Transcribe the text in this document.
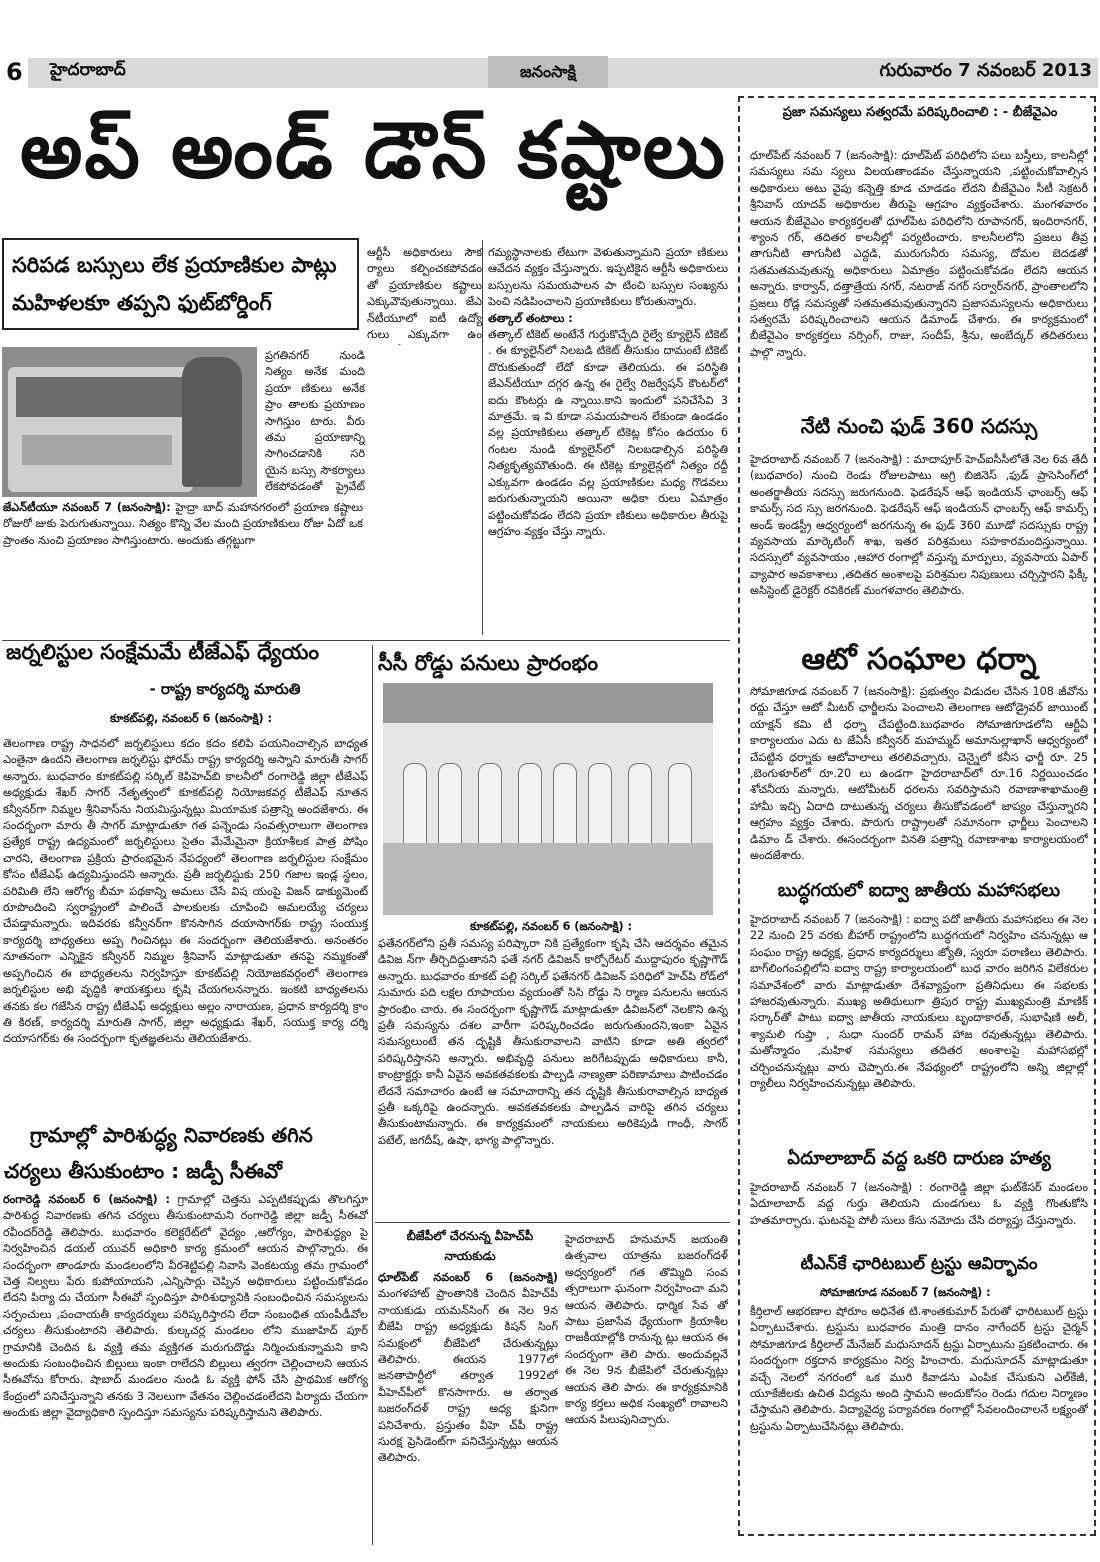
6 హైదరాబాద్	జనంసాక్షి	గురువారం 7 నవంబర్ 2013
అప్ అండ్ డౌన్ కష్టాలు
సరిపడ బస్సులు లేక ప్రయాణికుల పాట్లు
మహిళలకూ తప్పని ఫుట్‌బోర్డింగ్

ప్రగతినగర్ నుండి నిత్యం అనేక మంది ప్రయా ణికులు అనేక ప్రాం తాలకు ప్రయాణం సాగిస్తుం టారు. వీరు తమ ప్రయాణాన్ని సాగించడానికి సరి యైన బస్సు సౌకర్యాలు లేకపోవడంతో ప్రైవేట్

జేఎన్‌టీయూ నవంబర్ 7 (జనంసాక్షి): హైద్రా బాద్ మహానగరంలో ప్రయాణ కష్టాలు రోజురో జుకు పెరుగుతున్నాయి. నిత్యం కొన్ని వేల మంది ప్రయాణికులు రోజు ఏదో ఒక ప్రాంతం నుంచి ప్రయాణం సాగిస్తుంటారు. అందుకు తగ్గట్టుగా

ఆర్టీసీ అధికారులు సౌక ర్యాలు కల్పించకపోవడం తో ప్రయాణికుల కష్టాలు ఎక్కువౌవుతున్నాయి. జేఎ న్‌టీయూలో ఐటీ ఉద్యో గులు ఎక్కువగా ఉం

గమ్యస్థానాలకు లేటుగా వెళుతున్నామని ప్రయా ణికులు ఆవేదన వ్యక్తం చేస్తున్నారు. ఇప్పటికైన ఆర్టీసీ అధికారులు బస్సులను సమయపాలన పా టించి బస్సుల సంఖ్యను పెంచి నడిపించాలని ప్రయాణికులు కోరుతున్నారు.

తత్కాల్ తంటాలు :

తత్కాల్ టికెట్ అంటేనే గుర్తుకొచ్చేది రైల్వే క్యూలైన్ టికెట్ . ఈ క్యూలైన్‌లో నిలబడి టికెట్ తీసుకుం దామంటే టికెట్ దొరుకుతుందో లేదో కూడా తెలియదు. ఈ పరిస్థితి జేఎన్‌టీయూ దగ్గర ఉన్న ఈ రైల్వే రిజర్వేషన్ కౌంటర్‌లో ఐదు కౌంటర్లు ఉ న్నాయి.కాని ఇందులో పనిచేసేవి 3 మాత్రమే. ఇ వి కూడా సమయపాలన లేకుండా ఉండడం వల్ల ప్రయాణికులు తత్కాల్ టికెట్ల కోసం ఉదయం 6 గంటల నుండి క్యూలైన్‌లో నిలబడాల్సిన పరిస్థితి నిత్యకృత్యమౌతుంది. ఈ టికెట్ల క్యూలైన్లలో నిత్యం రద్దీ ఎక్కువగా ఉండడం వల్ల ప్రయాణికుల మధ్య గొడవలు జరుగుతున్నాయని అయినా అధికా రులు ఏమాత్రం పట్టించుకోవడం లేదని ప్రయా ణికులు అధికారుల తీరుపై ఆగ్రహం వ్యక్తం చేస్తు న్నారు.

జర్నలిస్టుల సంక్షేమమే టీజేఎఫ్ ధ్యేయం
- రాష్ట్ర కార్యదర్శి మారుతి
కూకట్‌పల్లి, నవంబర్ 6 (జనంసాక్షి) :

తెలంగాణ రాష్ట్ర సాధనలో జర్నలిస్టులు కదం కదం కలిపి పయనించాల్సిన బాధ్యత ఎంతైనా ఉందని తెలంగాణ జర్నలిస్టు ఫోరమ్ రాష్ట్ర కార్యదర్శి అస్నాని మారుతీ సాగర్ అన్నారు. బుధవారం కూకట్‌పల్లి సర్కిల్ కెపిహెచ్‌బి కాలనీలో రంగారెడ్డి జిల్లా టీజేఎఫ్ అధ్యక్షుడు శేఖర్ సాగర్ నేతృత్వంలో కూకట్‌పల్లి నియోజకవర్గ టీజేఎఫ్ నూతన కన్వీనర్‌గా నిమ్మల శ్రీనివాస్‌ను నియమిస్తున్నట్లు మియామక పత్రాన్ని అందజేశారు. ఈ సందర్బంగా మారు తీ సాగర్ మాట్లాడుతూ గత పన్నెండు సంవత్సరాలుగా తెలంగాణ ప్రత్యేక రాష్ట్ర ఉద్యమంలో జర్నలిస్టులు సైతం మేమేమైనా క్రియాశీలక పాత్ర పోషిం చారని, తెలంగాణ ప్రక్రియ ప్రారంభమైన నేపధ్యంలో తెలంగాణ జర్నలిస్టుల సంక్షేమం కోసం టీజేఎఫ్ ఉద్యమిస్తుందని అన్నారు. ప్రతీ జర్నలిస్టుకు 250 గజాల ఇండ్ల స్థలం, పరిమితి లేని ఆరోగ్య బీమా పథకాన్ని అమలు చేసే విష యంపై విజన్ డాక్యుమెంట్ రూపొందించి స్వరాష్ట్రంలో పాలించే పాలకులకు చూపించి అమలయ్యే చర్యలు చేపడ్తామన్నారు. ఇదివరకు కన్వీనర్‌గా కొనసాగిన దయాసాగర్‌కు రాష్ట్ర సంయుక్త కార్యదర్శి బాధ్యతలు అప్ప గించినట్లు ఈ సందర్బంగా తెలియజేశారు. అనంతరం నూతనంగా ఎన్నికైన కన్వీనర్ నిమ్మల శ్రీనివాస్ మాట్లాడుతూ తనపై నమ్మకంతో అప్పగించిన ఈ బాధ్యతలను నిర్వహిస్తూ కూకట్‌పల్లి నియోజకవర్గంలో తెలంగాణ జర్నలిస్టుల అభి వృద్ధికి శాయశక్తులు కృషి చేయగలనన్నారు. ఇంకటి బాధ్యతలను తనకు కల గజేసిన రాష్ట్ర టీజేఎఫ్ అధ్యక్షులు అల్లం నారాయణ, ప్రధాన కార్యదర్శి క్రాం తి కిరణ్, కార్యదర్శి మారుతి సాగర్, జిల్లా అధ్యక్షుడు శేఖర్, సయుక్త కార్య దర్శి దయాసగర్‌కు ఈ సందర్బంగా కృతజ్ఞతలను తెలియజేశారు.

గ్రామాల్లో పారిశుద్ధ్య నివారణకు తగిన
చర్యలు తీసుకుంటాం : జడ్పీ సీఈవో

రంగారెడ్డి నవంబర్ 6 (జనంసాక్షి) : గ్రామాల్లో చెత్తను ఎప్పటికప్పుడు తొలగిస్తూ పారిశుద్ధ నివారణకు తగిన చర్యలు తీసుకుంటామని రంగారెడ్డి జిల్లా జడ్పీ సీఈవో రవీందర్‌రెడ్డి తెలిపారు. బుధవారం కలెక్టరేట్‌లో వైద్యం ,ఆరోగ్యం, పారిశుద్ధ్యం పై నిర్వహించిన డయల్ యువర్ అధికారి కార్య క్రమంలో ఆయన పాల్గొన్నారు. ఈ సందర్బంగా తాండూరు మండలంలోని వీరశెట్టిపల్లి నివాసి వెంకటయ్య తమ గ్రామంలో చెత్త నిల్వలు పేరు కుపోయాయని ,ఎన్నిసార్లు చెప్పిన అధికారులు పట్టించుకోవడం లేదని పిర్యా దు చేయగా సీఈవో స్పందిస్తూ పారిశుధ్యానికి సంబంధించిన సమస్యలను సర్పంచులు ,పంచాయతీ కార్యదర్శులు పరిష్కరిస్తారని లేదా సంబంధిత యంపీడీవోల చర్యలు తీసుకుంటారని తెలిపారు. కుల్కచర్ల మండలం లోని ముజాహిద్ పూర్ గ్రామానికి చెందిన ఓ వ్యక్తి తమ వ్యక్తిగత మరుగుదొడ్డు నిర్మించుకున్నామని కాని అందుకు సంబంధించిన బిల్లులు ఇంకా రాలేదని బిల్లులు త్వరగా చెల్లించాలని ఆయన సీఈవోను కోరారు. షాబాద్ మండలం నుండి ఓ వ్యక్తి ఫోన్ చేసి ప్రాథమిక ఆరోగ్య కేంద్రంలో పనిచేస్తున్నాని తనకు 3 నెలలుగా వేతనం చెల్లించడంలేదని పిర్యాదు చేయగా అందుకు జిల్లా వైద్యాధికారి స్పందిస్తూ సమస్యను పరిష్కరిస్తామని తెలిపారు.

సీసీ రోడ్డు పనులు ప్రారంభం
కూకట్‌పల్లి, నవంబర్ 6 (జనంసాక్షి) :

ఫతేనగర్‌లోని ప్రతీ సమస్య పరిష్కారా నికి ప్రత్యేకంగా కృషి చేసి ఆదర్శవం తమైన డివిజ న్‌గా తీర్చిదిద్దుతానని ఫతే నగర్ డివిజన్ కార్పోరేటర్ ముద్దాపురం కృష్ణాగౌడ్ అన్నారు. బుధవారం కూకట్ పల్లి సర్కిల్ ఫతేనగర్ డివిజన్ పరిధిలో హెచ్‌పి రోడ్‌లో సుమారు పది లక్షల రూపాయల వ్యయంతో సిసి రోడ్డు ని ర్మాణ పనులను ఆయన ప్రారంభిం చారు. ఈ సందర్బంగా కృష్ణాగౌడ్ మాట్లాడుతూ డివిజన్‌లో నెలకొని ఉన్న ప్రతీ సమస్యను దశల వారీగా పరిష్కరించడం జరుగుతుందని,ఇంకా ఏవైన సమస్యలుంటే తన దృష్టికి తీసుకురావాలని వాటిని కూడా అతి త్వరలో పరిష్కరిస్తానని అన్నారు. అభివృద్ధి పనులు జరిగేటప్పుడు అధికారులు కానీ, కాంట్రాక్టర్లు కానీ ఏవైన అవకతవకలకు పాల్పడి నాణ్యతా పరిణామాలు పాటించడం లేదనే సమాచారం ఉంటే ఆ సమాచారాన్ని తన దృష్టికి తీసుకురావాల్సిన బాధ్యత ప్రతీ ఒక్కరిపై ఉందన్నారు. అవకతవకలకు పాల్పడిన వారిపై తగిన చర్యలు తీసుకుంటామన్నారు. ఈ కార్యక్రమంలో నాయకులు అరికెపుడి గాంధీ, సాగర్ పటేల్, జగదీష్, ఉషా, భాగ్య పాల్గొన్నారు.

బీజేపీలో చేరనున్న వీహెచ్‌పీ
నాయకుడు

ధూల్‌పేట్ నవంబర్ 6 (జనంసాక్షి) మంగళహాట్ ప్రాంతానికి చెందిన వీహెచ్‌పీ నాయకుడు యమన్‌సింగ్ ఈ నెల 9న బీజేపి రాష్ట్ర అధ్యక్షుడు కిషన్ సింగ్ సమక్షంలో బీజేపిలో చేరుతున్నట్లు తెలిపారు. ఈయన 1977లో జనతాపార్టీలో తర్వాత 1992లో వీహెచ్‌పీలో కొనసాగారు. ఆ తర్వాత బజరంగ్‌దళ్ రాష్ట్ర అధ్య క్షునిగా పనిచేశారు. ప్రస్తుతం వీహె చ్‌పీ రాష్ట్ర సురక్ష ప్రెసిడెంట్‌గా పనిచేస్తున్నట్లు ఆయన తెలిపారు.

హైదరాబాద్ హనుమాన్ జయంతి ఉత్సవాల యాత్రను బజరంగ్‌దళ్ అధ్వర్యంలో గత తొమ్మిది సంవ త్సరాలుగా ఘనంగా నిర్వహించా మని ఆయన తెలిపారు. ధార్మిక సేవ తో పాటు ప్రజాసేవ ధ్యేయంగా క్రియాశీల రాజకీయాల్లోకి రానున్న ట్లు ఆయన ఈ సందర్బంగా తెలి పారు. అందువల్లనే ఈ నెల 9న బీజేపిలో చేరుతున్నట్లు ఆయన తెలి పారు. ఈ కార్యక్రమానికి కార్య కర్తలు అధిక సంఖ్యలో రావాలని ఆయన పిలుపునిచ్చారు.

ప్రజా సమస్యలు సత్వరమే పరిష్కరించాలి : - బీజేవైఎం

ధూల్‌పేట్ నవంబర్ 7 (జనంసాక్షి): ధూల్‌పేట్ పరిధిలోని పలు బస్తీలు, కాలనీల్లో సమస్యలు సమ స్యలు విలయతాండవం చేస్తున్నాయని ,పట్టించుకోవాల్సిన అధికారులు అటు వైపు కన్నెత్తి కూడ చూడడం లేదని బీజేవైఎం సీటీ సెక్రటరీ శ్రీనివాస్ యాదవ్ అధికారుల తీరుపై ఆగ్రహం వ్యక్తంచేశారు. మంగళవారం ఆయన బీజేవైఎం కార్యకర్తలతో ధూల్‌పేట పరిధిలోని రూపానగర్, ఇందిరానగర్, శ్యాంన గర్, తదితర కాలనీల్లో పర్యటించారు. కాలనీలలోని ప్రజలు తీవ్ర తాగునీటి తాగునీటి ఎద్దడి, మురుగునీరు సమస్య, దోమల బెదడతో సతమతమవుతున్న అధికారులు ఏమాత్రం పట్టించుకోవడం లేదని ఆయన అన్నారు. కార్వాన్, దత్తాత్రేయ నగర్, నటరాజ్ నగర్ సర్వార్‌నగర్, ప్రాంతాలలోని ప్రజలు రోడ్ల సమస్యతో సతమతమవుతున్నారని ప్రజాసమస్యలను అధికారులు సత్వరమే పరిష్కరించాలని ఆయన డిమాండ్ చేశారు. ఈ కార్యక్రమంలో బీజేవైఎం కార్యకర్తలు నర్సింగ్, రాజు, సందీప్, శ్రీను, అంబేద్కర్ తదితరులు పాల్గొ న్నారు.

నేటి నుంచి ఫుడ్ 360 సదస్సు

హైదరాబాద్ నవంబర్ 7 (జనంసాక్షి) : మాదాపూర్ హెచ్‌ఐసీసీలోతే నెల 6వ తేదీ (బుధవారం) నుంచి రెండు రోజులపాటు అగ్రి బిజినెస్ ,ఫుడ్ ప్రాసెసింగ్‌లో అంతర్జాతీయ సదస్సు జరుగనుంది. ఫెడరేషన్ ఆఫ్ ఇండియన్ ఛాంబర్స్ ఆఫ్ కామర్స్ సద స్సు జరగనుంది. ఫెడరేషన్ ఆఫ్ ఇండియన్ ఛాంబర్స్ ఆఫ్ కామర్స్ అండ్ ఇండస్ట్రీ ఆధ్వర్యంలో జరగనున్న ఈ ఫుడ్ 360 మూడో సదస్సుకు రాష్ట్ర వ్యవసాయ మార్కెటింగ్ శాఖ, ఇతర పరిశ్రమలు సహకారమందిస్తున్నాయి. సదస్సులో వ్యవసాయం ,ఆహార రంగాల్లో వస్తున్న మార్పులు, వ్యవసాయ ఏపార్ వ్యాపార అవకాశాలు ,తదితర అంశాలపై పరిశ్రమల నిపుణులు చర్చిస్తారని ఫిక్కీ అసిస్టెంట్ డైరెక్టర్ రవికిరణ్ మంగళవారం తెలిపారు.

ఆటో సంఘాల ధర్నా

సోమాజిగూడ నవంబర్ 7 (జనంసాక్షి): ప్రభుత్వం విడుదల చేసిన 108 జీవోను రద్దు చేస్తూ ఆటో మీటర్ ఛార్జీలను పెంచాలని తెలంగాణ ఆటోడ్రైవర్ జాయింట్ యాక్షన్ కమి టీ ధర్నా చేపట్టింది.బుధవారం సోమాజిగూడలోని ఆర్టీఏ కార్యాలయం ఎదు ట జేఏసీ కన్వీనర్ మహమ్మద్ అమానుల్లాఖాన్ ఆధ్వర్యంలో చేపట్టిన ధర్నాకు ఆటోవాలాలు తరలివచ్చారు. చెన్నైలో కనీస ఛార్జీ రూ. 25 ,బెంగుళూర్‌లో రూ.20 లు ఉండగా హైదరాబాద్‌లో రూ.16 నిర్ణయించడం శోచనీయ మన్నారు. ఆటోమీటర్ ధరలను సవరిస్తామని రవాణాశాఖామంత్రి హామీ ఇచ్చి ఏదాది దాటుతున్న చర్యలు తీసుకోవడంలో జాప్యం చేస్తున్నారని ఆగ్రహం వ్యక్తం చేశారు. పొరుగు రాష్ట్రాలతో సమానంగా ఛార్జీలు పెంచాలని డిమాం డ్ చేశారు. ఈసందర్బంగా వినతి పత్రాన్ని రవాణాశాఖ కార్యాలయంలో అందజేశారు.

బుద్ధగయలో ఐద్వా జాతీయ మహాసభలు

హైదరాబాద్ నవంబర్ 7 (జనంసాక్షి) : ఐద్వా పదో జాతీయ మహాసభలు ఈ నెల 22 నుంచి 25 వరకు బీహార్ రాష్ట్రంలోని బుద్ధగయలో నిర్వహిం చనున్నట్లు ఆ సంఘం రాష్ట్ర అధ్యక్ష, ప్రధాన కార్యదర్శులు జ్యోతి, స్వరూ పరాణిలు తెలిపారు. బాగ్‌లింగంపల్లిలోని ఐద్వా రాష్ట్ర కార్యాలయంలో బుధ వారం జరిగిన విలేకరుల సమావేశంలో వారు మాట్లాడుతూ దేశవ్యాప్తంగా ప్రతినిధులు ఈ సభలకు హాజరవుతున్నారు. ముఖ్య అతిథులుగా త్రిపుర రాష్ట్ర ముఖ్యమంత్రి మాణిక్ సర్కార్‌తో పాటు ఐద్వా జాతీయ నాయకులు బృందాకారత్, సుభాషిణి అలీ, శ్యామలి గుప్తా , సుధా సుందర్ రామన్ హాజ రవుతున్నట్లు తెలిపారు. మతోన్మాదం ,మహిళ సమస్యలు తదితర అంశాలపై మహాసభల్లో చర్చించనున్నట్లు వారు చెప్పారు.ఈ నేపథ్యంలో రాష్ట్రంలోని అన్ని జిల్లాల్లో ర్యాలీలు నిర్వహించనున్నట్లు తెలిపారు.

ఏదూలాబాద్ వద్ద ఒకరి దారుణ హత్య

హైదరాబాద్ నవంబర్ 7 (జనంసాక్షి) : రంగారెడ్డి జిల్లా ఘట్‌కేసర్ మండలం ఏదూలాబాద్ వద్ద గుర్తు తెలియని దుండగులు ఓ వ్యక్తి గొంతుకోసి హతమార్చారు. ఘటనపై పోలీ సులు కేసు నమోదు చేసి దర్యాప్తు చేస్తున్నారు.

టీఎన్‌కే ఛారిటబుల్ ట్రస్టు ఆవిర్భావం
సోమాజిగూడ నవంబర్ 7 (జనంసాక్షి) :

కీర్తిలాల్ ఆభరణాల షోరూం అధినేత టి.శాంతకుమార్ పేరుతో ఛారిటబుల్ ట్రస్టు ఏర్పాటుచేశారు. ట్రస్టును బుధవారం మంత్రి దానం నాగేందర్ ట్రస్టు చైర్మన్ సోమాజిగూడ కీర్తిలాల్ మేనేజర్ మధుసూదన్ ట్రస్టు ఏర్పాటును ప్రకటించారు. ఈ సందర్భంగా రక్తదాన కార్యక్రమం నిర్వ హించారు. మధుసూదన్ మాట్లాడుతూ వచ్చే నెలలో నగరంలో ఒక మురి కివాడను ఎంపిక చేసుకుని ఎల్‌కేజీ, యూకేజీలకు ఉచిత విద్యను అంది స్తామని అందుకోసం రెండు గదుల నిర్మాణం చేస్తామని తెలిపారు. విద్యావైద్య పర్యావరణ రంగాల్లో సేవలందించాలనే లక్ష్యంతో ట్రస్టును ఏర్పాటుచేసినట్లు తెలిపారు.
